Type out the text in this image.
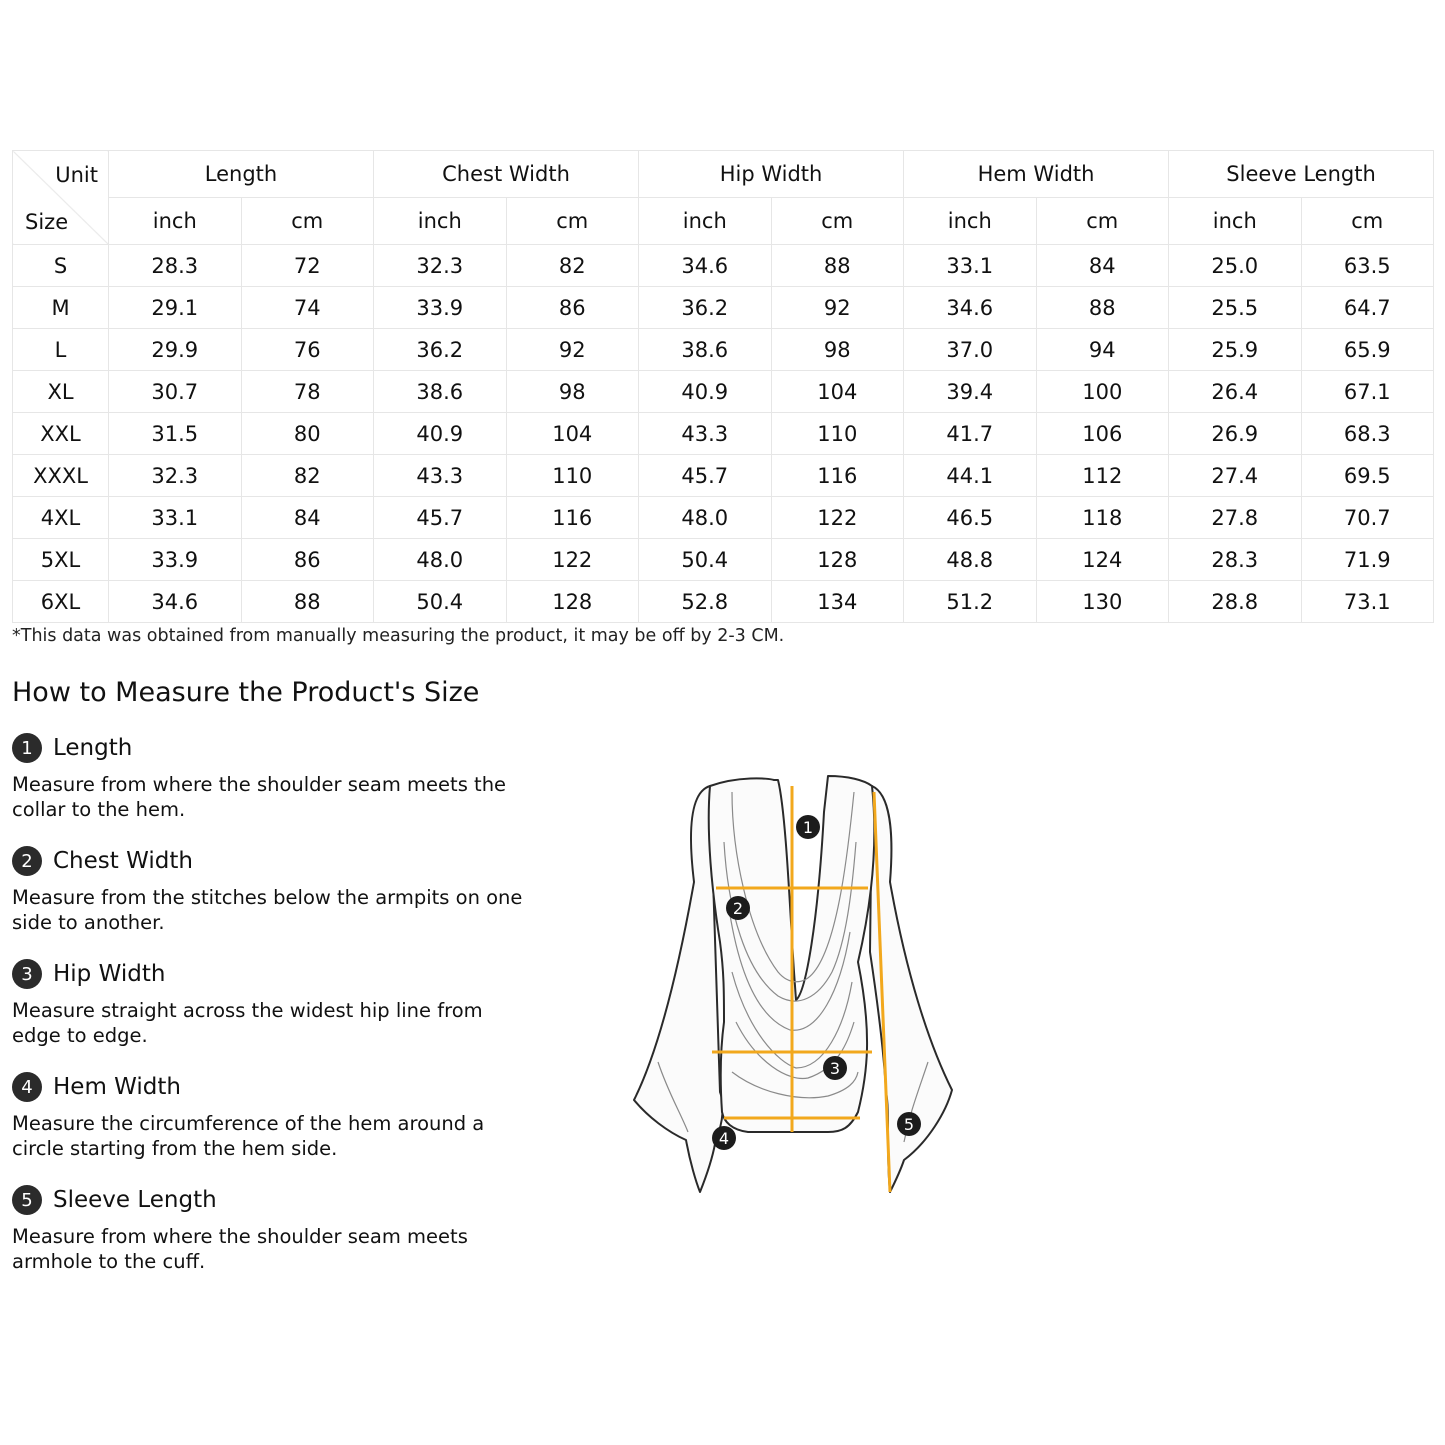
Unit
Size	Length		Chest Width		Hip Width		Hem Width		Sleeve Length	
	inch	cm	inch	cm	inch	cm	inch	cm	inch	cm
S	28.3	72	32.3	82	34.6	88	33.1	84	25.0	63.5
M	29.1	74	33.9	86	36.2	92	34.6	88	25.5	64.7
L	29.9	76	36.2	92	38.6	98	37.0	94	25.9	65.9
XL	30.7	78	38.6	98	40.9	104	39.4	100	26.4	67.1
XXL	31.5	80	40.9	104	43.3	110	41.7	106	26.9	68.3
XXXL	32.3	82	43.3	110	45.7	116	44.1	112	27.4	69.5
4XL	33.1	84	45.7	116	48.0	122	46.5	118	27.8	70.7
5XL	33.9	86	48.0	122	50.4	128	48.8	124	28.3	71.9
6XL	34.6	88	50.4	128	52.8	134	51.2	130	28.8	73.1
*This data was obtained from manually measuring the product, it may be off by 2-3 CM.
How to Measure the Product's Size
1 Length
Measure from where the shoulder seam meets the collar to the hem.
2 Chest Width
Measure from the stitches below the armpits on one side to another.
3 Hip Width
Measure straight across the widest hip line from edge to edge.
4 Hem Width
Measure the circumference of the hem around a circle starting from the hem side.
5 Sleeve Length
Measure from where the shoulder seam meets armhole to the cuff.
1
2
3
4
5
